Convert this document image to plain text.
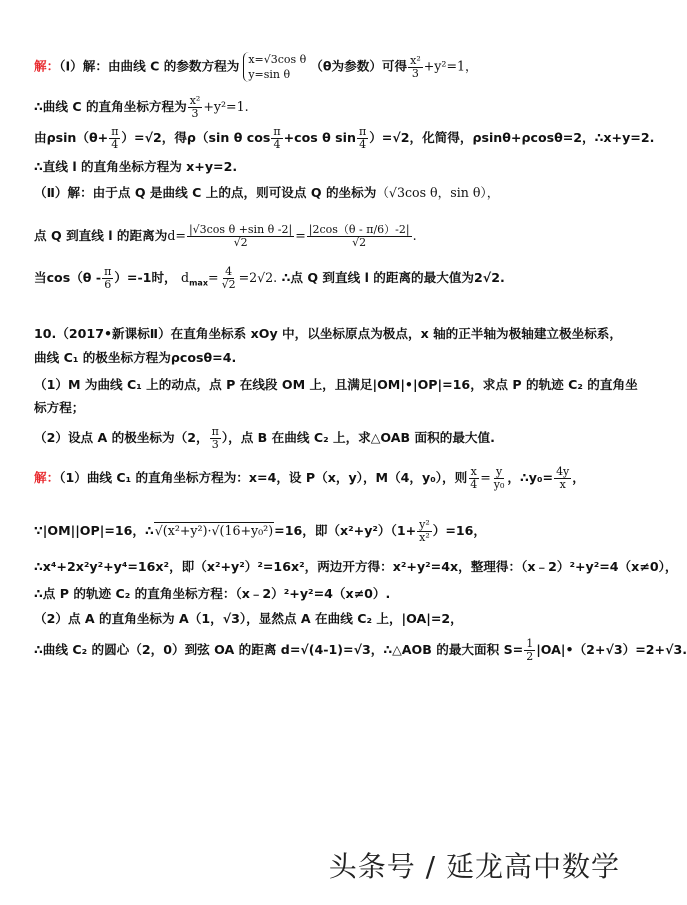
解：（Ⅰ）解：由曲线 C 的参数方程为 x=√3cos θ
y=sin θ
（θ为参数）可得 $\frac{\text{x²}}{3} +y^2=1$，
∴曲线 C 的直角坐标方程为 $\frac{\text{x²}}{3} +y^2=1$.
由$\rho\sin(\theta+ \frac{\pi}{4} )=√2$，得ρ（sin θ $\cos \frac{\pi}{4} +\cos$ θ $\sin \frac{\pi}{4} )=√2$，化简得，ρsinθ+ρcosθ=2，∴x+y=2.
∴直线 l 的直角坐标方程为 x+y=2.
（Ⅱ）解：由于点 Q 是曲线 C 上的点，则可设点 Q 的坐标为（√3cos θ，sin θ），
点 Q 到直线 l 的距离为$d= \frac{\text{|√3cos θ +sin θ -2|}}{√2} = \frac{|2\cos(\theta - \pi/6)-2|}{√2}$ .
当$\cos(\theta - \frac{\pi}{6} )=-1$时， $d_{max}= \frac{4}{√2} =2√2$. ∴点 Q 到直线 l 的距离的最大值为2√2.
10.（2017•新课标Ⅱ）在直角坐标系 xOy 中，以坐标原点为极点，x 轴的正半轴为极轴建立极坐标系，
曲线 C₁ 的极坐标方程为ρcosθ=4.
（1）M 为曲线 C₁ 上的动点，点 P 在线段 OM 上，且满足|OM|•|OP|=16，求点 P 的轨迹 C₂ 的直角坐
标方程；
（2）设点 A 的极坐标为（2， $\frac{\pi}{3}$ ），点 B 在曲线 C₂ 上，求△OAB 面积的最大值.
解：（1）曲线 C₁ 的直角坐标方程为：x=4，设 P（x，y），M（4，y₀），则 $\frac{x}{4} = \frac{y}{\text{y₀}}$ ，∴y₀= $\frac{4y}{x}$ ，
∵|OM||OP|=16，∴√(x²+y²)·√(16+y₀²)=16，即$(x^2+y^2)(1+ \frac{\text{y²}}{\text{x²}} )=16$，
∴x⁴+2x²y²+y⁴=16x²，即（x²+y²）²=16x²，两边开方得：x²+y²=4x，整理得：（x﹣2）²+y²=4（x≠0），
∴点 P 的轨迹 C₂ 的直角坐标方程：（x﹣2）²+y²=4（x≠0）.
（2）点 A 的直角坐标为 A（1，√3），显然点 A 在曲线 C₂ 上，|OA|=2，
∴曲线 C₂ 的圆心（2，0）到弦 OA 的距离 d=√(4-1)=√3，∴△AOB 的最大面积 $S= \frac{1}{2}$ |OA|•（2+√3）=2+√3.
头条号 / 延龙高中数学
